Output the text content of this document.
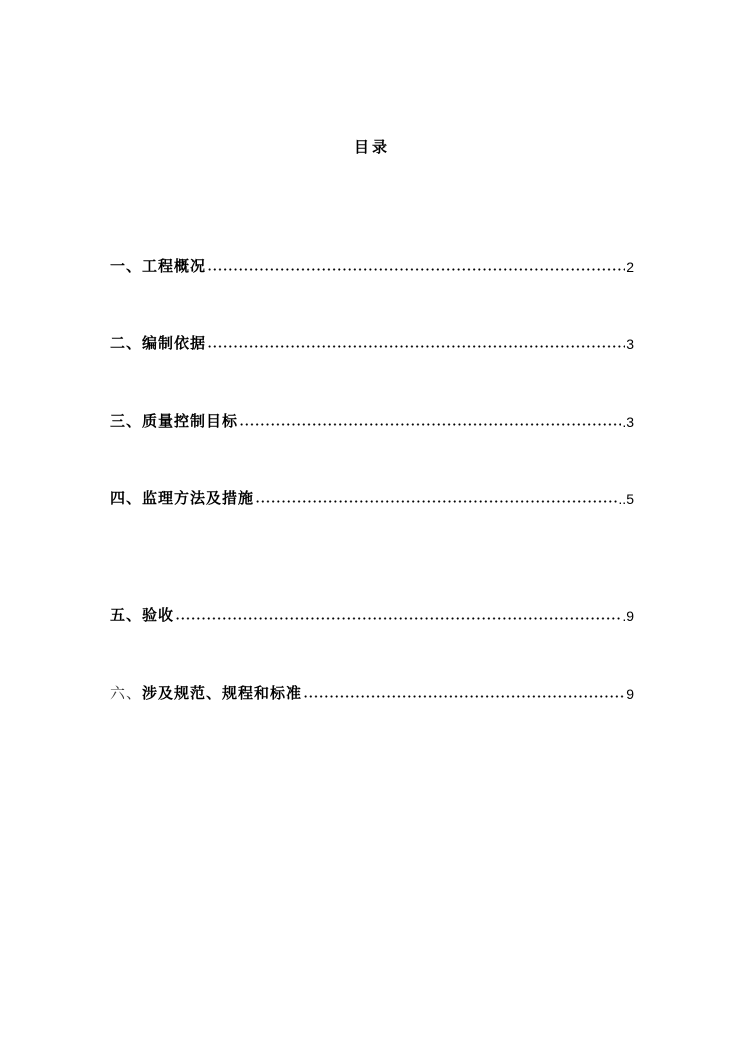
目录
一、 工程概况	2
二、 编制依据	3
三、 质量控制目标	.3
四、 监理方法及措施	..5
五、 验收	.9
六、 涉及规范、规程和标准	9
